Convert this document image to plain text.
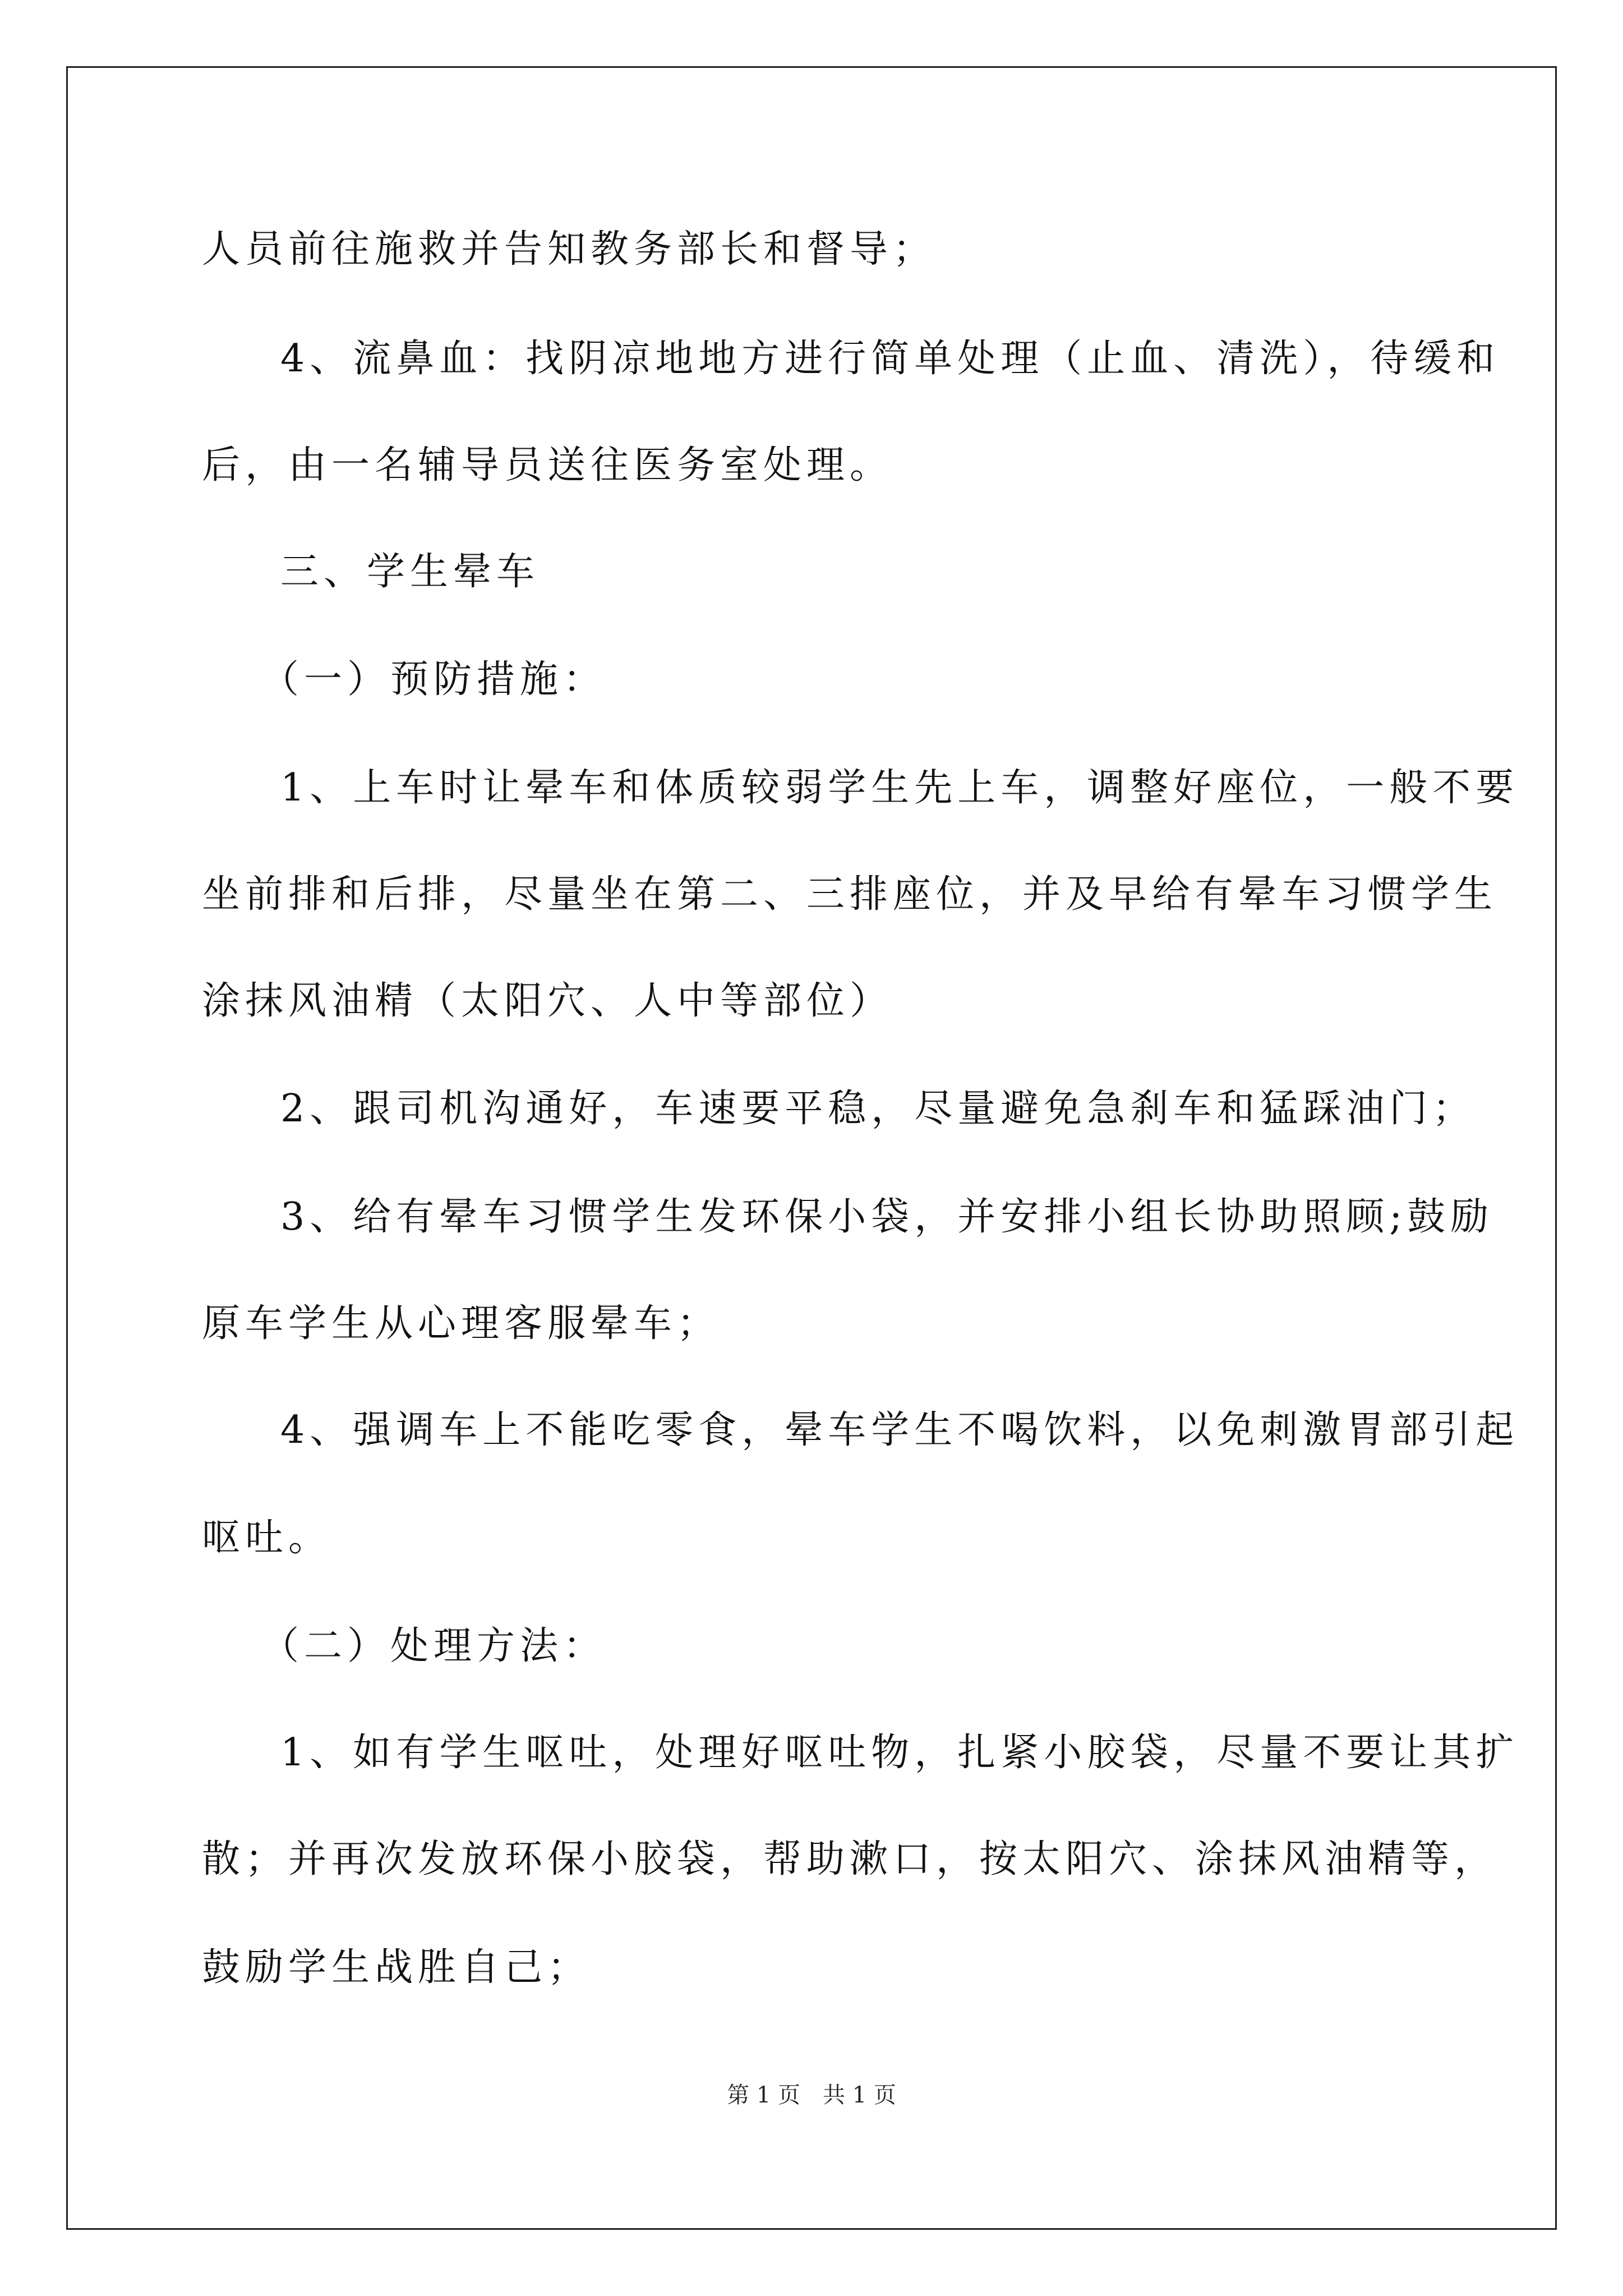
人员前往施救并告知教务部长和督导；
4、流鼻血：找阴凉地地方进行简单处理（止血、清洗），待缓和
后，由一名辅导员送往医务室处理。
三、学生晕车
（一）预防措施：
1、上车时让晕车和体质较弱学生先上车，调整好座位，一般不要
坐前排和后排，尽量坐在第二、三排座位，并及早给有晕车习惯学生
涂抹风油精（太阳穴、人中等部位）
2、跟司机沟通好，车速要平稳，尽量避免急刹车和猛踩油门；
3、给有晕车习惯学生发环保小袋，并安排小组长协助照顾;鼓励
原车学生从心理客服晕车；
4、强调车上不能吃零食，晕车学生不喝饮料，以免刺激胃部引起
呕吐。
（二）处理方法：
1、如有学生呕吐，处理好呕吐物，扎紧小胶袋，尽量不要让其扩
散；并再次发放环保小胶袋，帮助漱口，按太阳穴、涂抹风油精等，
鼓励学生战胜自己；
第 1 页　共 1 页
